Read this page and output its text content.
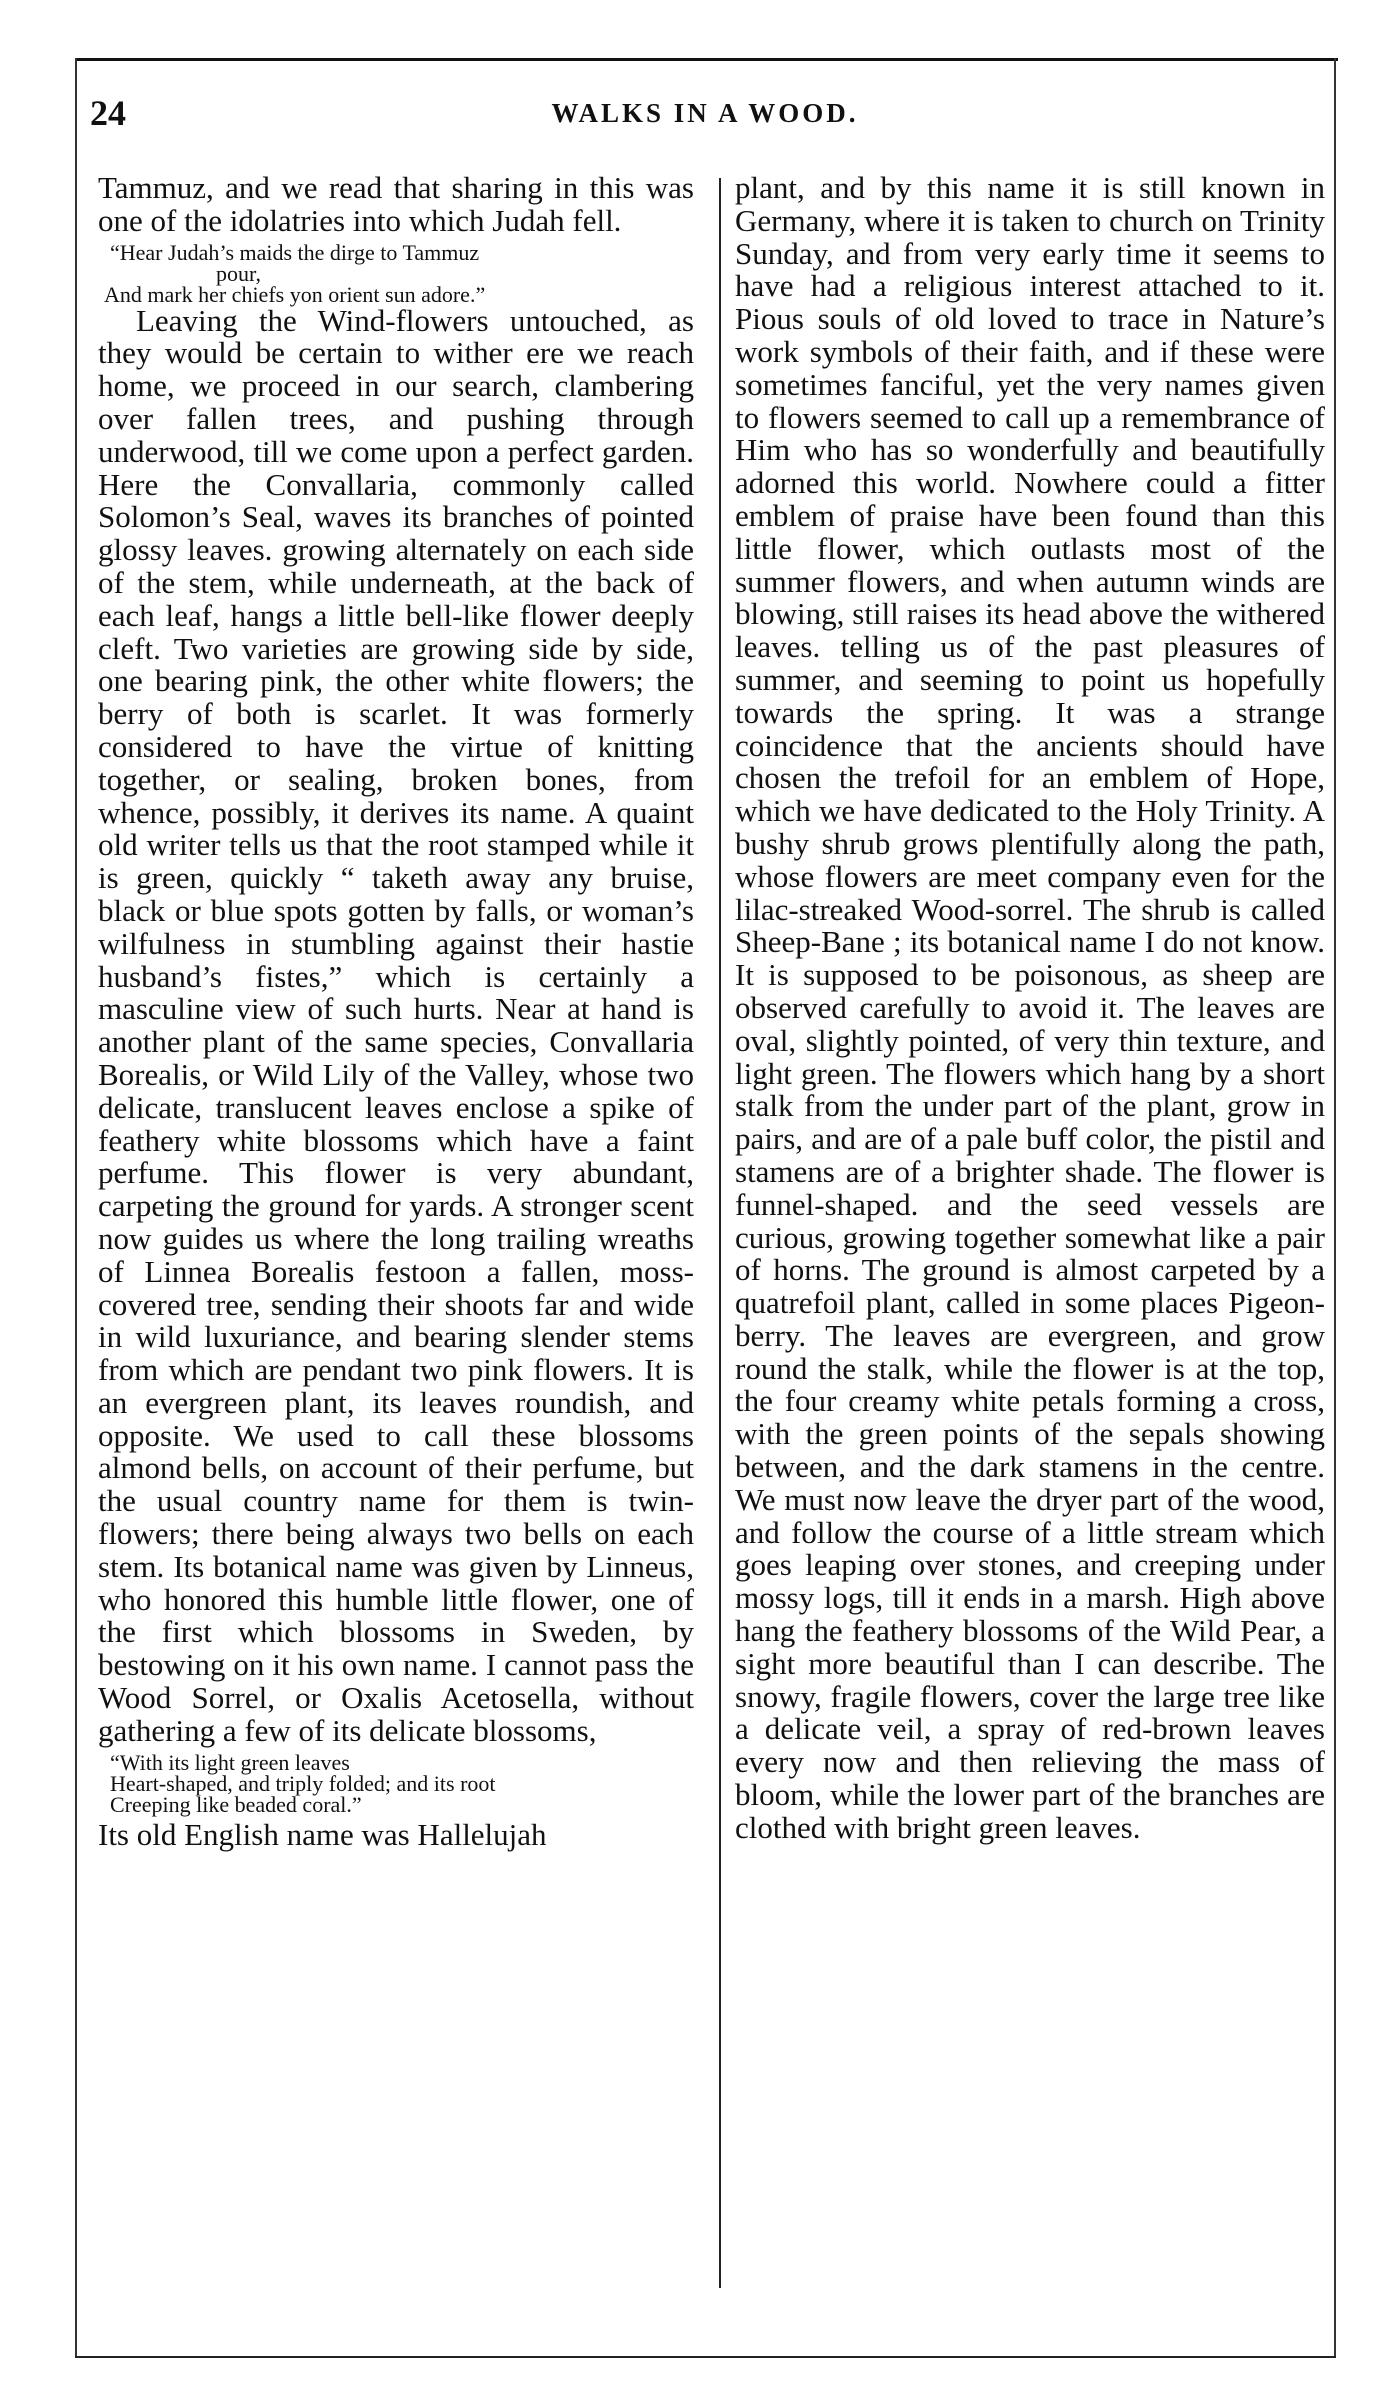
24	WALKS IN A WOOD.

Tammuz, and we read that sharing in this was one of the idolatries into which Judah fell.

“Hear Judah’s maids the dirge to Tammuz

pour,

And mark her chiefs yon orient sun adore.”

Leaving the Wind-flowers untouched, as they would be certain to wither ere we reach home, we proceed in our search, clambering over fallen trees, and pushing through underwood, till we come upon a perfect garden. Here the Convallaria, commonly called Solomon’s Seal, waves its branches of pointed glossy leaves. growing alternately on each side of the stem, while underneath, at the back of each leaf, hangs a little bell-like flower deeply cleft. Two varieties are growing side by side, one bearing pink, the other white flowers; the berry of both is scarlet. It was formerly considered to have the virtue of knitting together, or sealing, broken bones, from whence, possibly, it derives its name. A quaint old writer tells us that the root stamped while it is green, quickly “ taketh away any bruise, black or blue spots gotten by falls, or woman’s wilfulness in stumbling against their hastie husband’s fistes,” which is certainly a masculine view of such hurts. Near at hand is another plant of the same species, Convallaria Borealis, or Wild Lily of the Valley, whose two delicate, translucent leaves enclose a spike of feathery white blossoms which have a faint perfume. This flower is very abundant, carpeting the ground for yards. A stronger scent now guides us where the long trailing wreaths of Linnea Borealis festoon a fallen, moss-covered tree, sending their shoots far and wide in wild luxuriance, and bearing slender stems from which are pendant two pink flowers. It is an evergreen plant, its leaves roundish, and opposite. We used to call these blossoms almond bells, on account of their perfume, but the usual country name for them is twin-flowers; there being always two bells on each stem. Its botanical name was given by Linneus, who honored this humble little flower, one of the first which blossoms in Sweden, by bestowing on it his own name. I cannot pass the Wood Sorrel, or Oxalis Acetosella, without gathering a few of its delicate blossoms,

“With its light green leaves

Heart-shaped, and triply folded; and its root

Creeping like beaded coral.”

Its old English name was Hallelujah

plant, and by this name it is still known in Germany, where it is taken to church on Trinity Sunday, and from very early time it seems to have had a religious interest attached to it. Pious souls of old loved to trace in Nature’s work symbols of their faith, and if these were sometimes fanciful, yet the very names given to flowers seemed to call up a remembrance of Him who has so wonderfully and beautifully adorned this world. Nowhere could a fitter emblem of praise have been found than this little flower, which outlasts most of the summer flowers, and when autumn winds are blowing, still raises its head above the withered leaves. telling us of the past pleasures of summer, and seeming to point us hopefully towards the spring. It was a strange coincidence that the ancients should have chosen the trefoil for an emblem of Hope, which we have dedicated to the Holy Trinity. A bushy shrub grows plentifully along the path, whose flowers are meet company even for the lilac-streaked Wood-sorrel. The shrub is called Sheep-Bane ; its botanical name I do not know. It is supposed to be poisonous, as sheep are observed carefully to avoid it. The leaves are oval, slightly pointed, of very thin texture, and light green. The flowers which hang by a short stalk from the under part of the plant, grow in pairs, and are of a pale buff color, the pistil and stamens are of a brighter shade. The flower is funnel-shaped. and the seed vessels are curious, growing together somewhat like a pair of horns. The ground is almost carpeted by a quatrefoil plant, called in some places Pigeon-berry. The leaves are evergreen, and grow round the stalk, while the flower is at the top, the four creamy white petals forming a cross, with the green points of the sepals showing between, and the dark stamens in the centre. We must now leave the dryer part of the wood, and follow the course of a little stream which goes leaping over stones, and creeping under mossy logs, till it ends in a marsh. High above hang the feathery blossoms of the Wild Pear, a sight more beautiful than I can describe. The snowy, fragile flowers, cover the large tree like a delicate veil, a spray of red-brown leaves every now and then relieving the mass of bloom, while the lower part of the branches are clothed with bright green leaves.
